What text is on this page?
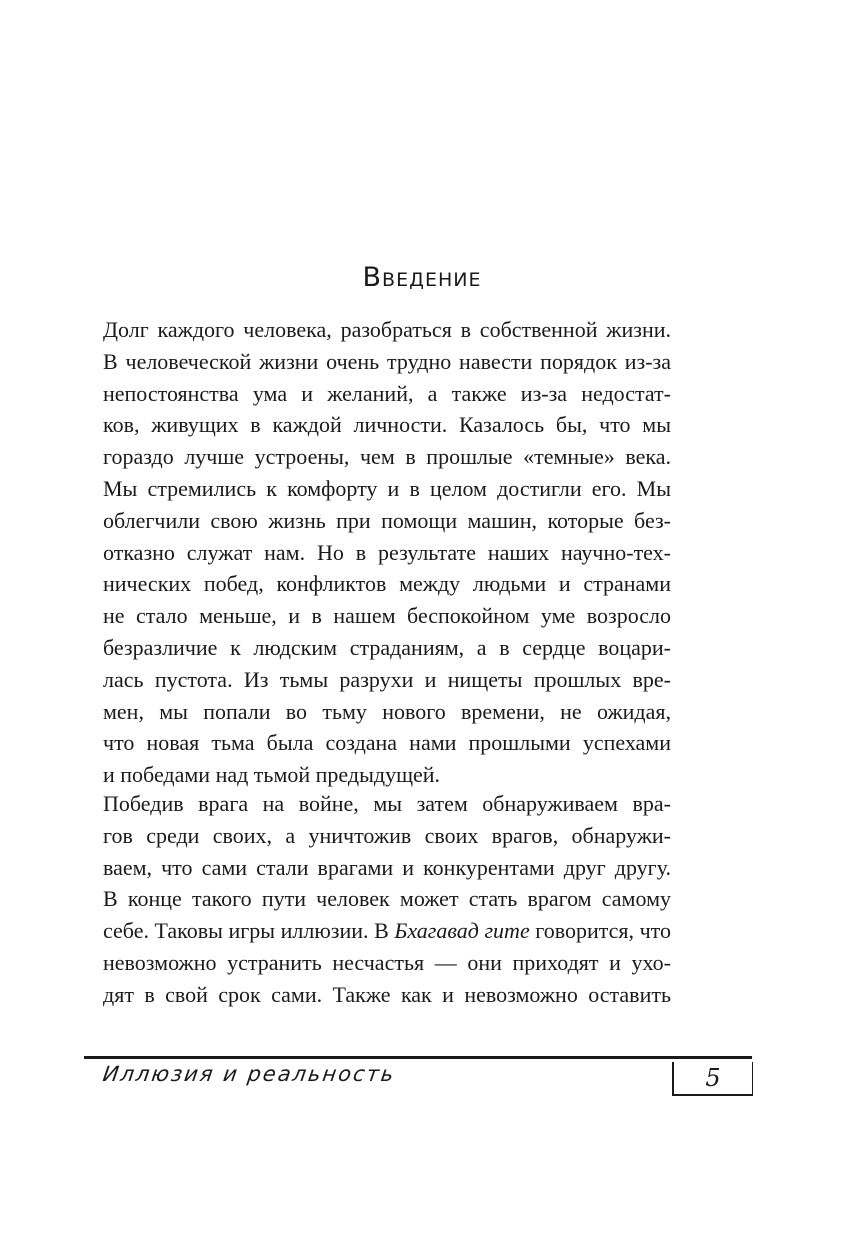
Введение
Долг каждого человека, разобраться в собственной жизни.
В человеческой жизни очень трудно навести порядок из-за
непостоянства ума и желаний, а также из-за недостат-
ков, живущих в каждой личности. Казалось бы, что мы
гораздо лучше устроены, чем в прошлые «темные» века.
Мы стремились к комфорту и в целом достигли его. Мы
облегчили свою жизнь при помощи машин, которые без-
отказно служат нам. Но в результате наших научно-тех-
нических побед, конфликтов между людьми и странами
не стало меньше, и в нашем беспокойном уме возросло
безразличие к людским страданиям, а в сердце воцари-
лась пустота. Из тьмы разрухи и нищеты прошлых вре-
мен, мы попали во тьму нового времени, не ожидая,
что новая тьма была создана нами прошлыми успехами
и победами над тьмой предыдущей.
Победив врага на войне, мы затем обнаруживаем вра-
гов среди своих, а уничтожив своих врагов, обнаружи-
ваем, что сами стали врагами и конкурентами друг другу.
В конце такого пути человек может стать врагом самому
себе. Таковы игры иллюзии. В Бхагавад гите говорится, что
невозможно устранить несчастья — они приходят и ухо-
дят в свой срок сами. Также как и невозможно оставить
Иллюзия и реальность	5
